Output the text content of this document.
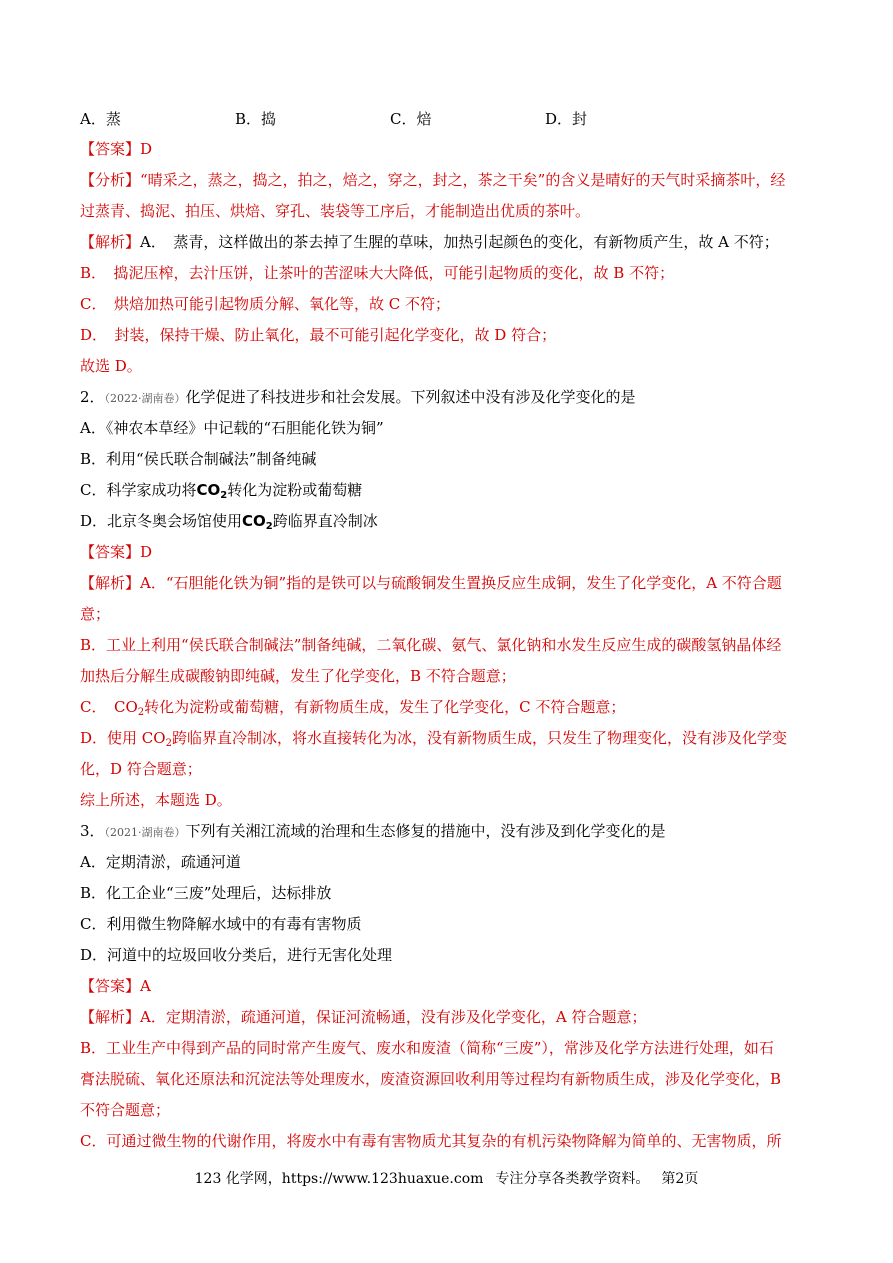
A．蒸	B．捣	C．焙	D．封
【答案】D
【分析】“晴采之，蒸之，捣之，拍之，焙之，穿之，封之，茶之干矣”的含义是晴好的天气时采摘茶叶，经
过蒸青、捣泥、拍压、烘焙、穿孔、装袋等工序后，才能制造出优质的茶叶。
【解析】A．　蒸青，这样做出的茶去掉了生腥的草味，加热引起颜色的变化，有新物质产生，故 A 不符；
B．　捣泥压榨，去汁压饼，让茶叶的苦涩味大大降低，可能引起物质的变化，故 B 不符；
C．　烘焙加热可能引起物质分解、氧化等，故 C 不符；
D．　封装，保持干燥、防止氧化，最不可能引起化学变化，故 D 符合；
故选 D。
2．（2022·湖南卷）化学促进了科技进步和社会发展。下列叙述中没有涉及化学变化的是
A．《神农本草经》中记载的“石胆能化铁为铜”
B．利用“侯氏联合制碱法”制备纯碱
C．科学家成功将$CO_2$转化为淀粉或葡萄糖
D．北京冬奥会场馆使用$CO_2$跨临界直冷制冰
【答案】D
【解析】A．“石胆能化铁为铜”指的是铁可以与硫酸铜发生置换反应生成铜，发生了化学变化，A 不符合题
意；
B．工业上利用“侯氏联合制碱法”制备纯碱，二氧化碳、氨气、氯化钠和水发生反应生成的碳酸氢钠晶体经
加热后分解生成碳酸钠即纯碱，发生了化学变化，B 不符合题意；
C．　$CO_2$转化为淀粉或葡萄糖，有新物质生成，发生了化学变化，C 不符合题意；
D．使用 $CO_2$跨临界直冷制冰，将水直接转化为冰，没有新物质生成，只发生了物理变化，没有涉及化学变
化，D 符合题意；
综上所述，本题选 D。
3．（2021·湖南卷）下列有关湘江流域的治理和生态修复的措施中，没有涉及到化学变化的是
A．定期清淤，疏通河道
B．化工企业“三废”处理后，达标排放
C．利用微生物降解水域中的有毒有害物质
D．河道中的垃圾回收分类后，进行无害化处理
【答案】A
【解析】A．定期清淤，疏通河道，保证河流畅通，没有涉及化学变化，A 符合题意；
B．工业生产中得到产品的同时常产生废气、废水和废渣（简称“三废”），常涉及化学方法进行处理，如石
膏法脱硫、氧化还原法和沉淀法等处理废水，废渣资源回收利用等过程均有新物质生成，涉及化学变化，B
不符合题意；
C．可通过微生物的代谢作用，将废水中有毒有害物质尤其复杂的有机污染物降解为简单的、无害物质，所
123 化学网，https://www.123huaxue.com 专注分享各类教学资料。 第2页
